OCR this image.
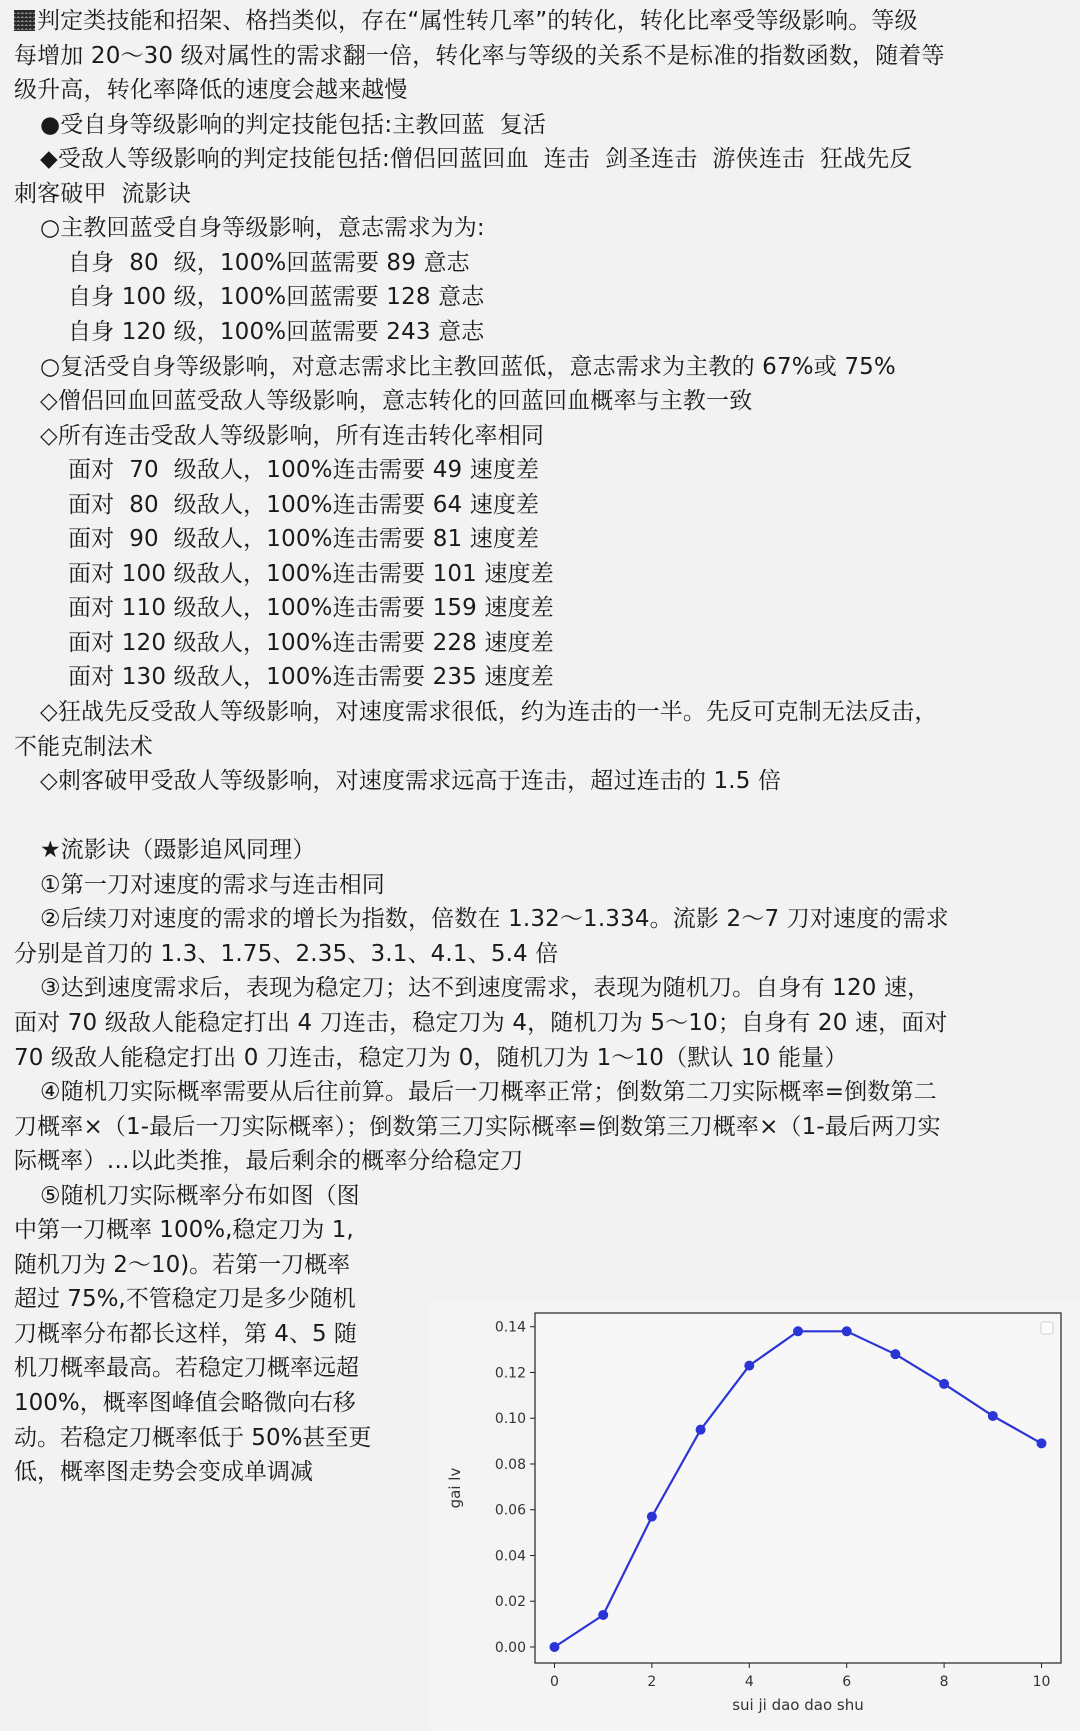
判定类技能和招架、格挡类似，存在“属性转几率”的转化，转化比率受等级影响。等级
每增加 20～30 级对属性的需求翻一倍，转化率与等级的关系不是标准的指数函数，随着等
级升高，转化率降低的速度会越来越慢
●受自身等级影响的判定技能包括:主教回蓝  复活
◆受敌人等级影响的判定技能包括:僧侣回蓝回血  连击  剑圣连击  游侠连击  狂战先反
刺客破甲  流影诀
○主教回蓝受自身等级影响，意志需求为为:
自身  80  级，100%回蓝需要 89 意志
自身 100 级，100%回蓝需要 128 意志
自身 120 级，100%回蓝需要 243 意志
○复活受自身等级影响，对意志需求比主教回蓝低，意志需求为主教的 67%或 75%
◇僧侣回血回蓝受敌人等级影响，意志转化的回蓝回血概率与主教一致
◇所有连击受敌人等级影响，所有连击转化率相同
面对  70  级敌人，100%连击需要 49 速度差
面对  80  级敌人，100%连击需要 64 速度差
面对  90  级敌人，100%连击需要 81 速度差
面对 100 级敌人，100%连击需要 101 速度差
面对 110 级敌人，100%连击需要 159 速度差
面对 120 级敌人，100%连击需要 228 速度差
面对 130 级敌人，100%连击需要 235 速度差
◇狂战先反受敌人等级影响，对速度需求很低，约为连击的一半。先反可克制无法反击，
不能克制法术
◇刺客破甲受敌人等级影响，对速度需求远高于连击，超过连击的 1.5 倍
★流影诀（蹑影追风同理）
①第一刀对速度的需求与连击相同
②后续刀对速度的需求的增长为指数，倍数在 1.32～1.334。流影 2～7 刀对速度的需求
分别是首刀的 1.3、1.75、2.35、3.1、4.1、5.4 倍
③达到速度需求后，表现为稳定刀；达不到速度需求，表现为随机刀。自身有 120 速，
面对 70 级敌人能稳定打出 4 刀连击，稳定刀为 4，随机刀为 5～10；自身有 20 速，面对
70 级敌人能稳定打出 0 刀连击，稳定刀为 0，随机刀为 1～10（默认 10 能量）
④随机刀实际概率需要从后往前算。最后一刀概率正常；倒数第二刀实际概率=倒数第二
刀概率×（1-最后一刀实际概率）；倒数第三刀实际概率=倒数第三刀概率×（1-最后两刀实
际概率）…以此类推，最后剩余的概率分给稳定刀
⑤随机刀实际概率分布如图（图
中第一刀概率 100%,稳定刀为 1,
随机刀为 2～10)。若第一刀概率
超过 75%,不管稳定刀是多少随机
刀概率分布都长这样，第 4、5 随
机刀概率最高。若稳定刀概率远超
100%，概率图峰值会略微向右移
动。若稳定刀概率低于 50%甚至更
低，概率图走势会变成单调减
0.00
0.02
0.04
0.06
0.08
0.10
0.12
0.14
0	2	4	6	8	10
sui ji dao dao shu
gai lv
